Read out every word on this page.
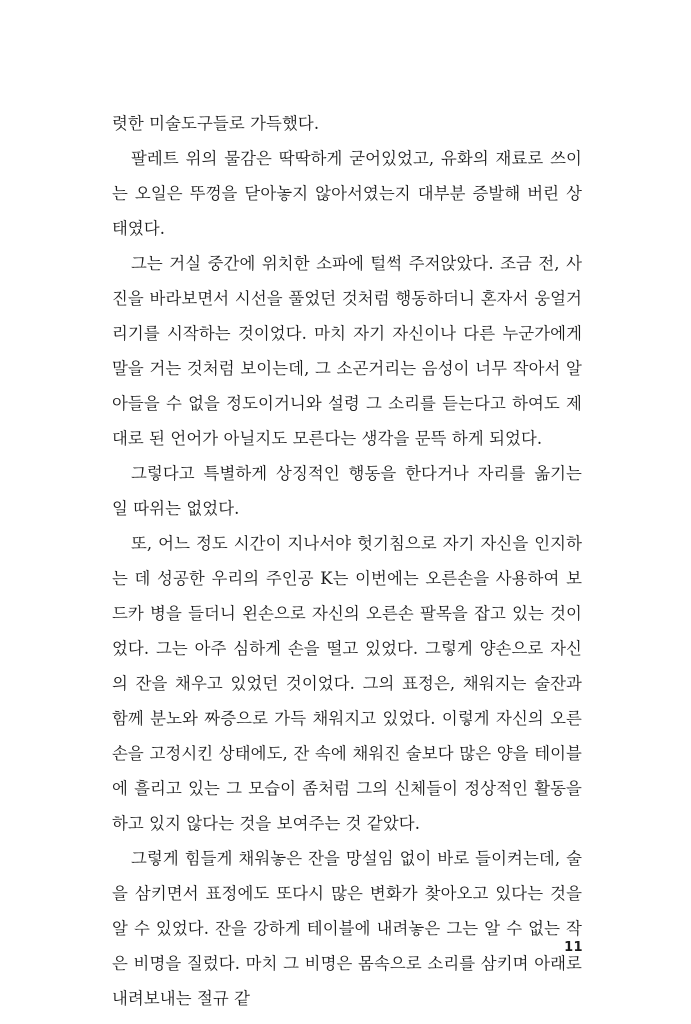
렷한 미술도구들로 가득했다.

팔레트 위의 물감은 딱딱하게 굳어있었고, 유화의 재료로 쓰이는 오일은 뚜껑을 닫아놓지 않아서였는지 대부분 증발해 버린 상태였다.

그는 거실 중간에 위치한 소파에 털썩 주저앉았다. 조금 전, 사진을 바라보면서 시선을 풀었던 것처럼 행동하더니 혼자서 웅얼거리기를 시작하는 것이었다. 마치 자기 자신이나 다른 누군가에게 말을 거는 것처럼 보이는데, 그 소곤거리는 음성이 너무 작아서 알아들을 수 없을 정도이거니와 설령 그 소리를 듣는다고 하여도 제대로 된 언어가 아닐지도 모른다는 생각을 문뜩 하게 되었다.

그렇다고 특별하게 상징적인 행동을 한다거나 자리를 옮기는 일 따위는 없었다.

또, 어느 정도 시간이 지나서야 헛기침으로 자기 자신을 인지하는 데 성공한 우리의 주인공 K는 이번에는 오른손을 사용하여 보드카 병을 들더니 왼손으로 자신의 오른손 팔목을 잡고 있는 것이었다. 그는 아주 심하게 손을 떨고 있었다. 그렇게 양손으로 자신의 잔을 채우고 있었던 것이었다. 그의 표정은, 채워지는 술잔과 함께 분노와 짜증으로 가득 채워지고 있었다. 이렇게 자신의 오른손을 고정시킨 상태에도, 잔 속에 채워진 술보다 많은 양을 테이블에 흘리고 있는 그 모습이 좀처럼 그의 신체들이 정상적인 활동을 하고 있지 않다는 것을 보여주는 것 같았다.

그렇게 힘들게 채워놓은 잔을 망설임 없이 바로 들이켜는데, 술을 삼키면서 표정에도 또다시 많은 변화가 찾아오고 있다는 것을 알 수 있었다. 잔을 강하게 테이블에 내려놓은 그는 알 수 없는 작은 비명을 질렀다. 마치 그 비명은 몸속으로 소리를 삼키며 아래로 내려보내는 절규 같

11
